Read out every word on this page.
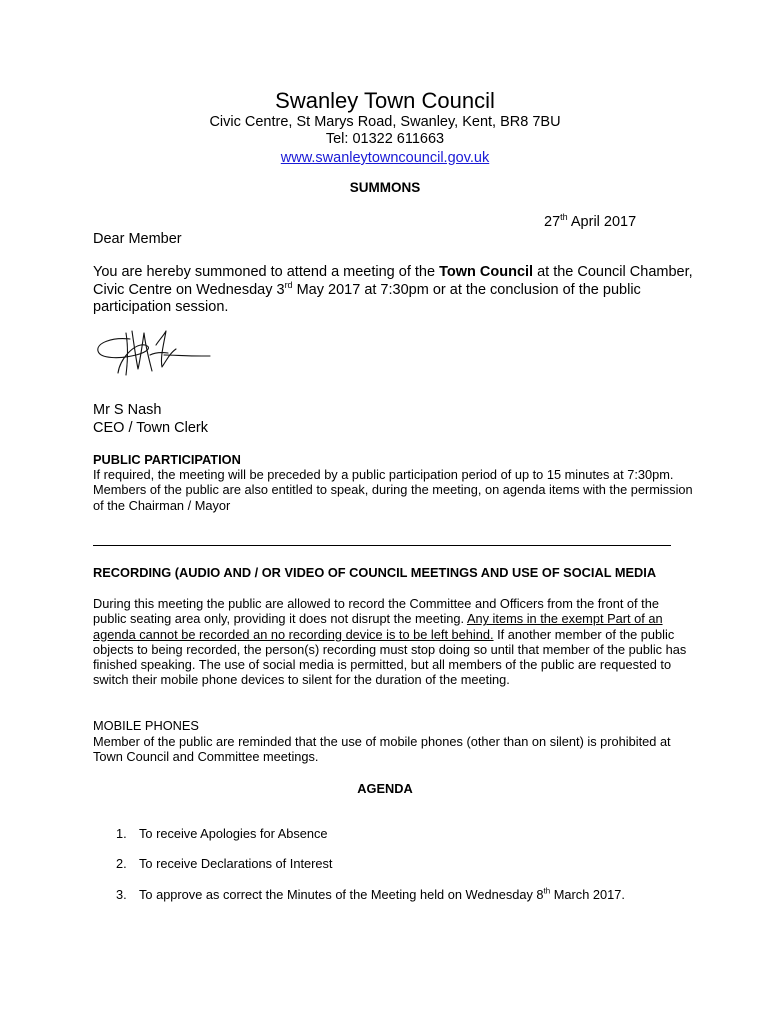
Swanley Town Council
Civic Centre, St Marys Road, Swanley, Kent, BR8 7BU
Tel: 01322 611663
www.swanleytowncouncil.gov.uk
SUMMONS
27th April 2017
Dear Member
You are hereby summoned to attend a meeting of the Town Council at the Council Chamber, Civic Centre on Wednesday 3rd May 2017 at 7:30pm or at the conclusion of the public participation session.
Mr S Nash
CEO / Town Clerk
PUBLIC PARTICIPATION
If required, the meeting will be preceded by a public participation period of up to 15 minutes at 7:30pm. Members of the public are also entitled to speak, during the meeting, on agenda items with the permission of the Chairman / Mayor
RECORDING (AUDIO AND / OR VIDEO OF COUNCIL MEETINGS AND USE OF SOCIAL MEDIA
During this meeting the public are allowed to record the Committee and Officers from the front of the public seating area only, providing it does not disrupt the meeting. Any items in the exempt Part of an agenda cannot be recorded an no recording device is to be left behind. If another member of the public objects to being recorded, the person(s) recording must stop doing so until that member of the public has finished speaking. The use of social media is permitted, but all members of the public are requested to switch their mobile phone devices to silent for the duration of the meeting.
MOBILE PHONES
Member of the public are reminded that the use of mobile phones (other than on silent) is prohibited at Town Council and Committee meetings.
AGENDA
1. To receive Apologies for Absence
2. To receive Declarations of Interest
3. To approve as correct the Minutes of the Meeting held on Wednesday 8th March 2017.
